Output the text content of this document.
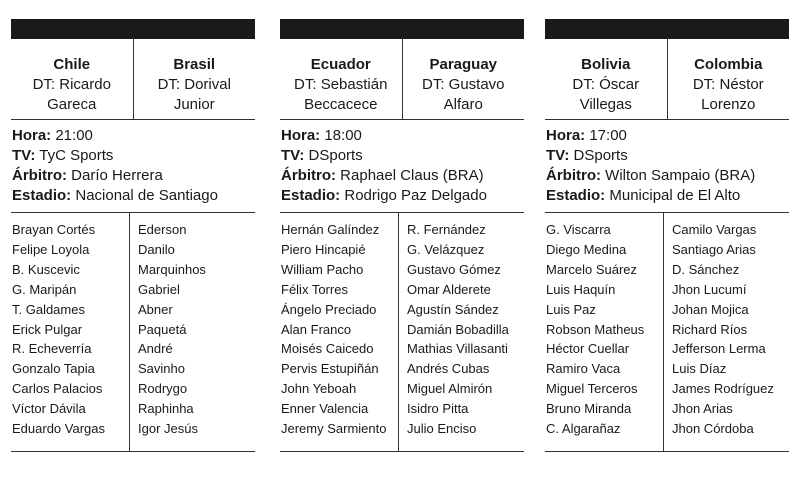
Chile
DT: Ricardo
Gareca
Brasil
DT: Dorival
Junior
Hora: 21:00
TV: TyC Sports
Árbitro: Darío Herrera
Estadio: Nacional de Santiago
Brayan Cortés
Felipe Loyola
B. Kuscevic
G. Maripán
T. Galdames
Erick Pulgar
R. Echeverría
Gonzalo Tapia
Carlos Palacios
Víctor Dávila
Eduardo Vargas
Ederson
Danilo
Marquinhos
Gabriel
Abner
Paquetá
André
Savinho
Rodrygo
Raphinha
Igor Jesús
Ecuador
DT: Sebastián
Beccacece
Paraguay
DT: Gustavo
Alfaro
Hora: 18:00
TV: DSports
Árbitro: Raphael Claus (BRA)
Estadio: Rodrigo Paz Delgado
Hernán Galíndez
Piero Hincapié
William Pacho
Félix Torres
Ángelo Preciado
Alan Franco
Moisés Caicedo
Pervis Estupiñán
John Yeboah
Enner Valencia
Jeremy Sarmiento
R. Fernández
G. Velázquez
Gustavo Gómez
Omar Alderete
Agustín Sández
Damián Bobadilla
Mathias Villasanti
Andrés Cubas
Miguel Almirón
Isidro Pitta
Julio Enciso
Bolivia
DT: Óscar
Villegas
Colombia
DT: Néstor
Lorenzo
Hora: 17:00
TV: DSports
Árbitro: Wilton Sampaio (BRA)
Estadio: Municipal de El Alto
G. Viscarra
Diego Medina
Marcelo Suárez
Luis Haquín
Luis Paz
Robson Matheus
Héctor Cuellar
Ramiro Vaca
Miguel Terceros
Bruno Miranda
C. Algarañaz
Camilo Vargas
Santiago Arias
D. Sánchez
Jhon Lucumí
Johan Mojica
Richard Ríos
Jefferson Lerma
Luis Díaz
James Rodríguez
Jhon Arias
Jhon Córdoba
